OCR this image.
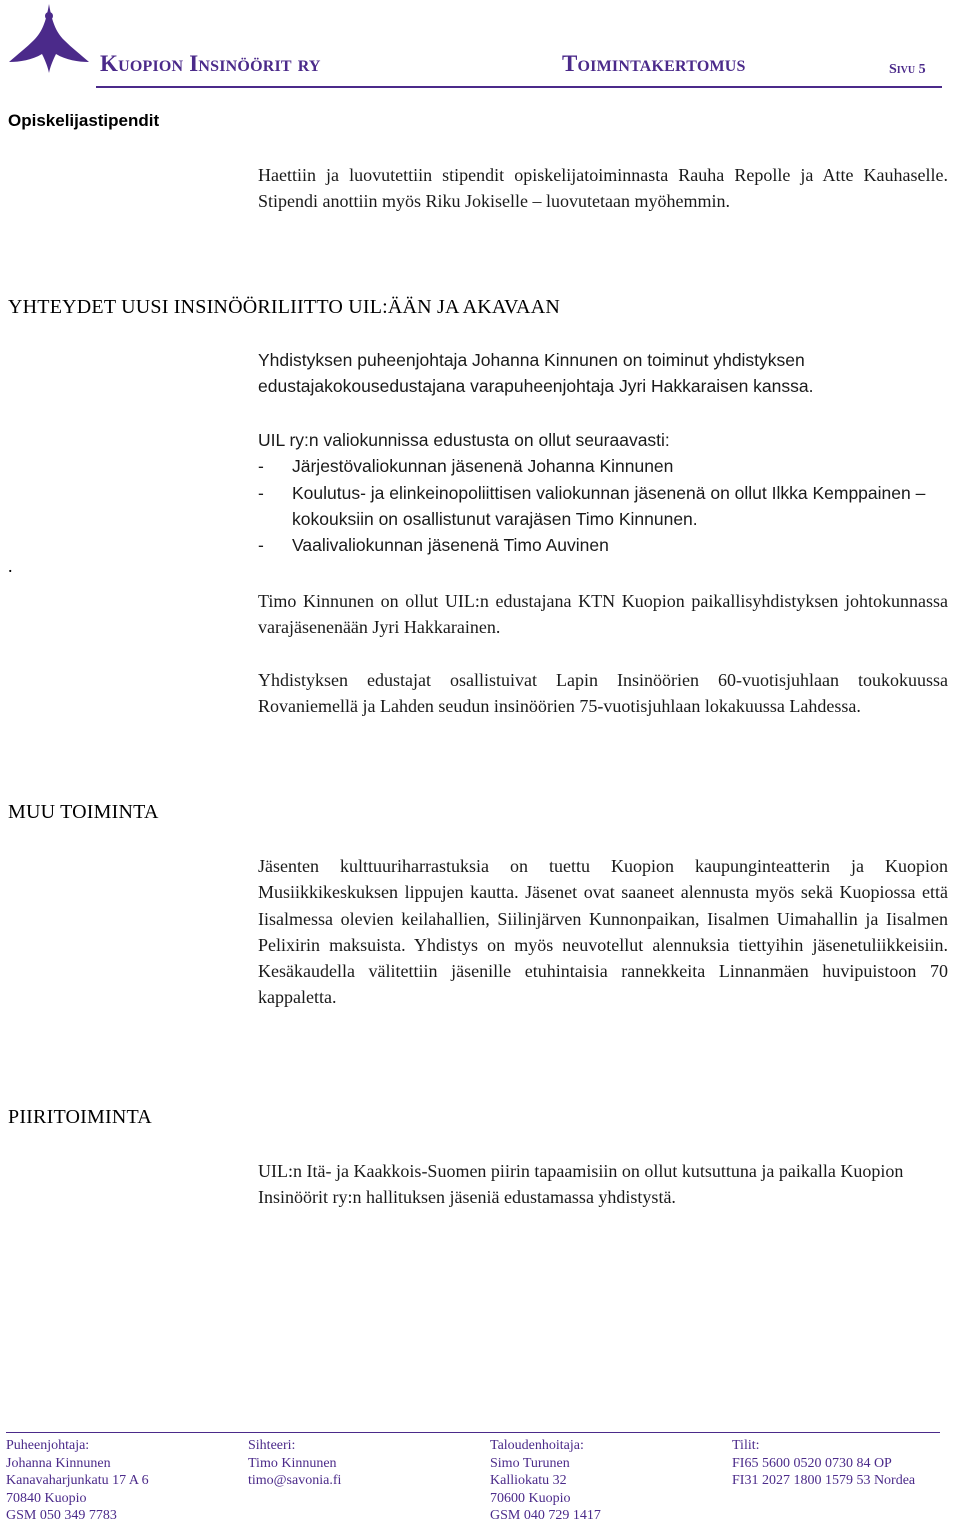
Kuopion Insinöörit ry	Toimintakertomus	Sivu 5
Opiskelijastipendit
Haettiin ja luovutettiin stipendit opiskelijatoiminnasta Rauha Repolle ja Atte Kauhaselle. Stipendi anottiin myös Riku Jokiselle – luovutetaan myöhemmin.
YHTEYDET UUSI INSINÖÖRILIITTO UIL:ÄÄN JA AKAVAAN
Yhdistyksen puheenjohtaja Johanna Kinnunen on toiminut yhdistyksen edustajakokousedustajana varapuheenjohtaja Jyri Hakkaraisen kanssa.
.
UIL ry:n valiokunnissa edustusta on ollut seuraavasti:
- Järjestövaliokunnan jäsenenä Johanna Kinnunen
- Koulutus- ja elinkeinopoliittisen valiokunnan jäsenenä on ollut Ilkka Kemppainen – kokouksiin on osallistunut varajäsen Timo Kinnunen.
- Vaalivaliokunnan jäsenenä Timo Auvinen
Timo Kinnunen on ollut UIL:n edustajana KTN Kuopion paikallisyhdistyksen johtokunnassa varajäsenenään Jyri Hakkarainen.
Yhdistyksen edustajat osallistuivat Lapin Insinöörien 60-vuotisjuhlaan toukokuussa Rovaniemellä ja Lahden seudun insinöörien 75-vuotisjuhlaan lokakuussa Lahdessa.
MUU TOIMINTA
Jäsenten kulttuuriharrastuksia on tuettu Kuopion kaupunginteatterin ja Kuopion Musiikkikeskuksen lippujen kautta. Jäsenet ovat saaneet alennusta myös sekä Kuopiossa että Iisalmessa olevien keilahallien, Siilinjärven Kunnonpaikan, Iisalmen Uimahallin ja Iisalmen Pelixirin maksuista. Yhdistys on myös neuvotellut alennuksia tiettyihin jäsenetuliikkeisiin. Kesäkaudella välitettiin jäsenille etuhintaisia rannekkeita Linnanmäen huvipuistoon 70 kappaletta.
PIIRITOIMINTA
UIL:n Itä- ja Kaakkois-Suomen piirin tapaamisiin on ollut kutsuttuna ja paikalla Kuopion Insinöörit ry:n hallituksen jäseniä edustamassa yhdistystä.
Puheenjohtaja:
Johanna Kinnunen
Kanavaharjunkatu 17 A 6
70840 Kuopio
GSM 050 349 7783
Sihteeri:
Timo Kinnunen
timo@savonia.fi
Taloudenhoitaja:
Simo Turunen
Kalliokatu 32
70600 Kuopio
GSM 040 729 1417
Tilit:
FI65 5600 0520 0730 84 OP
FI31 2027 1800 1579 53 Nordea
